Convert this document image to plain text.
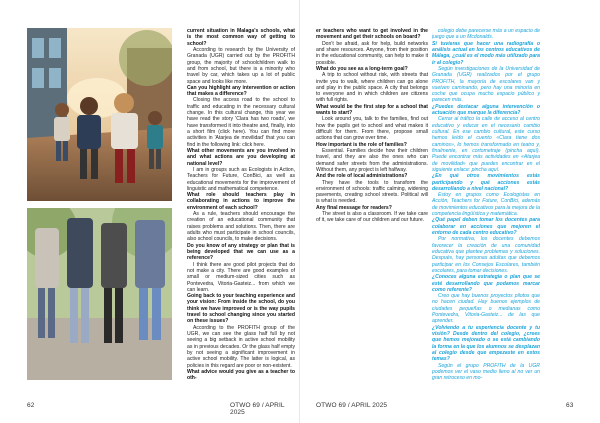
current situation in Malaga's schools, what is the most common way of getting to school?

According to research by the University of Granada (UGR) carried out by the PROFITH group, the majority of schoolchildren walk to and from school, but there is a minority who travel by car, which takes up a lot of public space and looks like more.

Can you highlight any intervention or action that makes a difference?

Closing the access road to the school to traffic and educating in the necessary cultural change. In this cultural change, this year we have read the story 'Clara has two roads', we have transformed it into theatre and, finally, into a short film (click here). You can find more activities in 'Atarjea de movilidad' that you can find in the following link: click here.

What other movements are you involved in and what actions are you developing at national level?

I am in groups such as Ecologists in Action, Teachers for Future, ConBici, as well as educational movements for the improvement of linguistic and mathematical competence.

What role should teachers play in collaborating in actions to improve the environment of each school?

As a rule, teachers should encourage the creation of an educational community that raises problems and solutions. Then, there are adults who must participate in school councils, also school councils, to make decisions.

Do you know of any strategy or plan that is being developed that we can use as a reference?

I think there are good pilot projects that do not make a city. There are good examples of small or medium-sized cities such as Pontevedra, Vitoria-Gasteiz... from which we can learn.

Going back to your teaching experience and your vision: From inside the school, do you think we have improved or is the way pupils travel to school changing since you started on these issues?

According to the PROFITH group of the UGR, we can see the glass half full by not seeing a big setback in active school mobility as in previous decades. Or the glass half empty by not seeing a significant improvement in active school mobility. The latter is logical, as policies in this regard are poor or non-existent.

What advice would you give as a teacher to oth-

62	OTWO 69 / APRIL 2025
OTWO 69 / APRIL 2025	63

er teachers who want to get involved in the movement and get their schools on board?

Don't be afraid, ask for help, build networks and share resources. Anyone, from their position in the educational community, can help to make it possible.

What do you see as a long-term goal?

A trip to school without risk, with streets that invite you to walk, where children can go alone and play in the public space. A city that belongs to everyone and in which children are citizens with full rights.

What would be the first step for a school that wants to start?

Look around you, talk to the families, find out how the pupils get to school and what makes it difficult for them. From there, propose small actions that can grow over time.

How important is the role of families?

Essential. Families decide how their children travel, and they are also the ones who can demand safer streets from the administrations. Without them, any project is left halfway.

And the role of local administrations?

They have the tools to transform the environment of schools: traffic calming, widening pavements, creating school streets. Political will is what is needed.

Any final message for readers?

The street is also a classroom. If we take care of it, we take care of our children and our future.

colegio debe parecerse más a un espacio de juego que a un Mcdonalds.

Si tuvieras que hacer una radiografía o análisis actual en los centros educativos de Málaga, ¿cuál es el modo más utilizado para ir al colegio?

Según investigaciones de la Universidad de Granada (UGR) realizados por el grupo PROFITH, la mayoría de escolares van y vuelven caminando, pero hay una minoría en coche que ocupa mucho espacio público y parecen más.

¿Puedes destacar alguna intervención o actuación que marque la diferencia?

Cerrar al tráfico la calle de acceso al centro educativo y educar en el necesario cambio cultural. En ese cambio cultural, este curso hemos leído el cuento «Clara tiene dos caminos», lo hemos transformado en teatro y, finalmente, en cortometraje (pincha aquí). Puede encontrar más actividades en «Atarjea de movilidad» que puedes encontrar en el siguiente enlace: pincha aquí.

¿En qué otros movimientos estás participando y qué acciones estás desarrollando a nivel nacional?

Estoy en grupos como Ecologistas en Acción, Teachers for Future, ConBici, además de movimientos educativos para la mejora de la competencia lingüística y matemática.

¿Qué papel deben tomar los docentes para colaborar en acciones que mejoren el entorno de cada centro educativo?

Por normativa, los docentes debemos favorecer la creación de una comunidad educativa que plantee problemas y soluciones. Después, hay personas adultas que debemos participar en los Consejos Escolares, también escolares, para tomar decisiones.

¿Conoces alguna estrategia o plan que se esté desarrollando que podamos marcar como referente?

Creo que hay buenos proyectos pilotos que no hacen ciudad. Hay buenos ejemplos de ciudades pequeñas o medianas como Pontevedra, Vitoria-Gasteiz... de las que aprender.

¿Volviendo a tu experiencia docente y tu visión? Desde dentro del colegio, ¿crees que hemos mejorado o se está cambiando la forma en la que los alumnos se desplazan al colegio desde que empezaste en estos temas?

Según el grupo PROFITH de la UGR podemos ver el vaso medio lleno al no ver un gran retroceso en mo-
